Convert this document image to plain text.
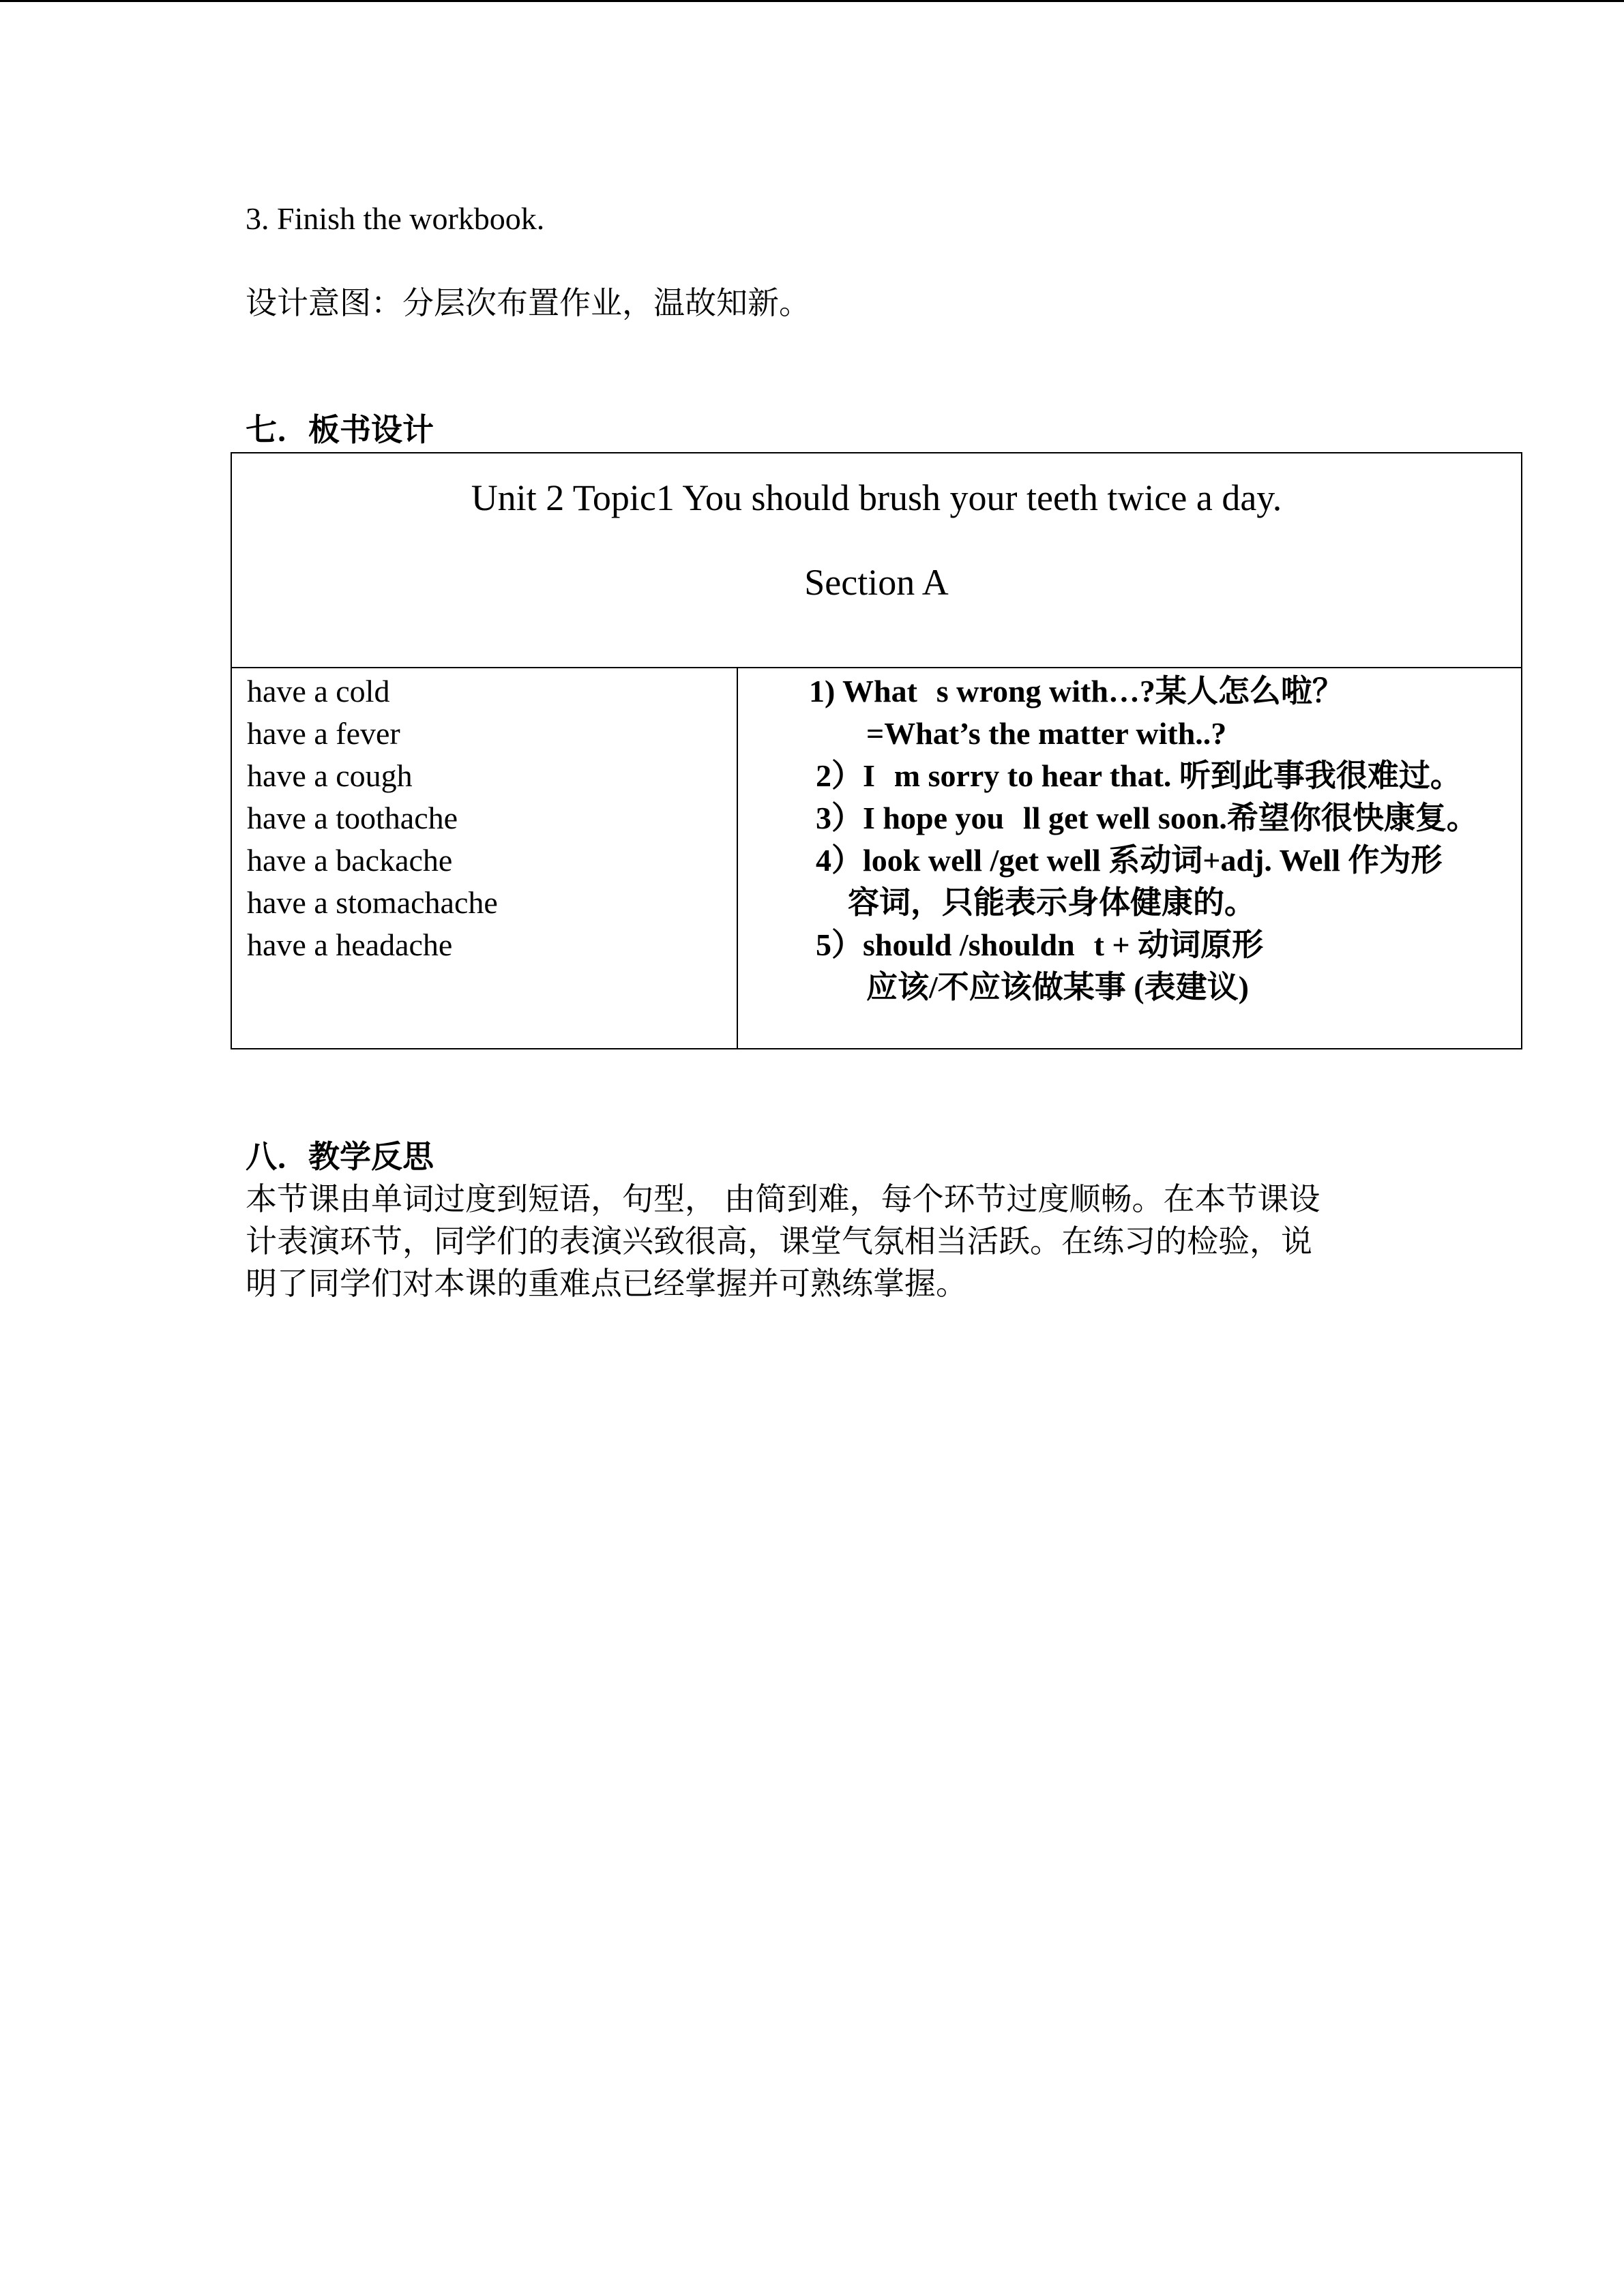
3. Finish the workbook.
设计意图：分层次布置作业，温故知新。
七．板书设计
Unit 2 Topic1 You should brush your teeth twice a day.
Section A
have a cold
have a fever
have a cough
have a toothache
have a backache
have a stomachache
have a headache
1) Whats wrong with…?某人怎么啦？
=What’s the matter with..?
2）Im sorry to hear that. 听到此事我很难过。
3）I hope youll get well soon.希望你很快康复。
4）look well /get well 系动词+adj. Well 作为形
容词，只能表示身体健康的。
5）should /shouldnt + 动词原形
应该/不应该做某事 (表建议)
八．教学反思
本节课由单词过度到短语，句型， 由简到难，每个环节过度顺畅。在本节课设
计表演环节，同学们的表演兴致很高，课堂气氛相当活跃。在练习的检验，说
明了同学们对本课的重难点已经掌握并可熟练掌握。
